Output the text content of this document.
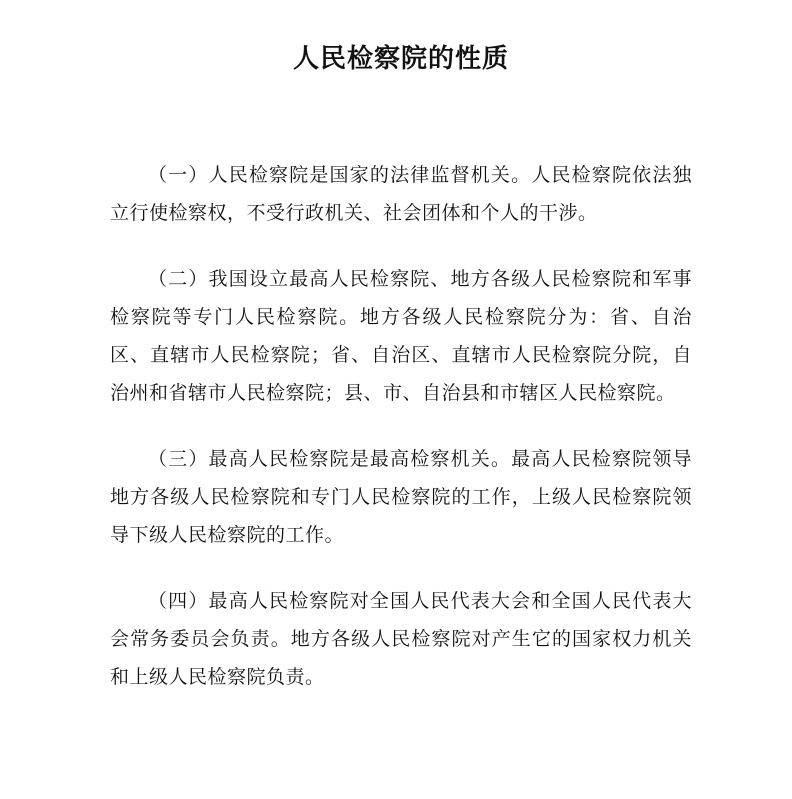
人民检察院的性质

（一）人民检察院是国家的法律监督机关。人民检察院依法独立行使检察权，不受行政机关、社会团体和个人的干涉。

（二）我国设立最高人民检察院、地方各级人民检察院和军事检察院等专门人民检察院。地方各级人民检察院分为：省、自治区、直辖市人民检察院；省、自治区、直辖市人民检察院分院，自治州和省辖市人民检察院；县、市、自治县和市辖区人民检察院。

（三）最高人民检察院是最高检察机关。最高人民检察院领导地方各级人民检察院和专门人民检察院的工作，上级人民检察院领导下级人民检察院的工作。

（四）最高人民检察院对全国人民代表大会和全国人民代表大会常务委员会负责。地方各级人民检察院对产生它的国家权力机关和上级人民检察院负责。
